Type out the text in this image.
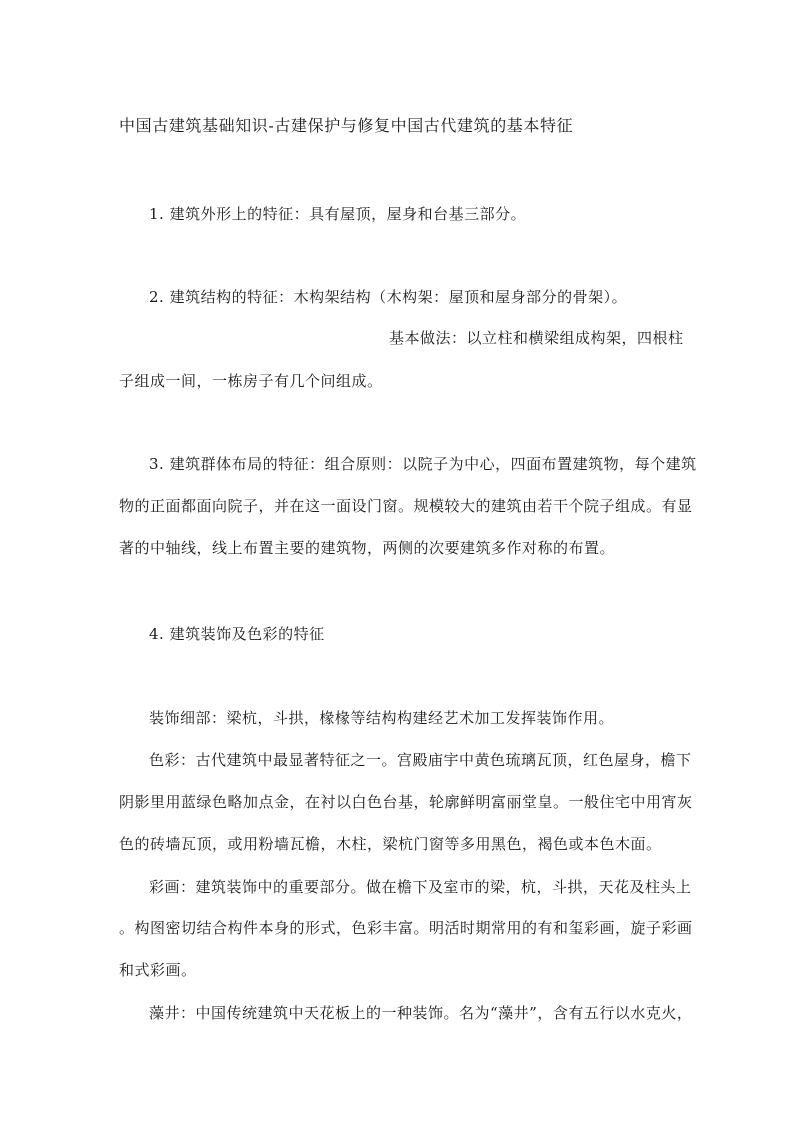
中国古建筑基础知识-古建保护与修复中国古代建筑的基本特征
1. 建筑外形上的特征：具有屋顶，屋身和台基三部分。
2. 建筑结构的特征：木构架结构（木构架：屋顶和屋身部分的骨架）。
基本做法：以立柱和横梁组成构架，四根柱
子组成一间，一栋房子有几个问组成。
3. 建筑群体布局的特征：组合原则：以院子为中心，四面布置建筑物，每个建筑
物的正面都面向院子，并在这一面设门窗。规模较大的建筑由若干个院子组成。有显
著的中轴线，线上布置主要的建筑物，两侧的次要建筑多作对称的布置。
4. 建筑装饰及色彩的特征
装饰细部：梁杭，斗拱，椽椽等结构构建经艺术加工发挥装饰作用。
色彩：古代建筑中最显著特征之一。宫殿庙宇中黄色琉璃瓦顶，红色屋身，檐下
阴影里用蓝绿色略加点金，在衬以白色台基，轮廓鲜明富丽堂皇。一般住宅中用宵灰
色的砖墙瓦顶，或用粉墙瓦檐，木柱，梁杭门窗等多用黑色，褐色或本色木面。
彩画：建筑装饰中的重要部分。做在檐下及室市的梁，杭，斗拱，天花及柱头上
。构图密切结合构件本身的形式，色彩丰富。明活时期常用的有和玺彩画，旋子彩画
和式彩画。
藻井：中国传统建筑中天花板上的一种装饰。名为“藻井”，含有五行以水克火，
